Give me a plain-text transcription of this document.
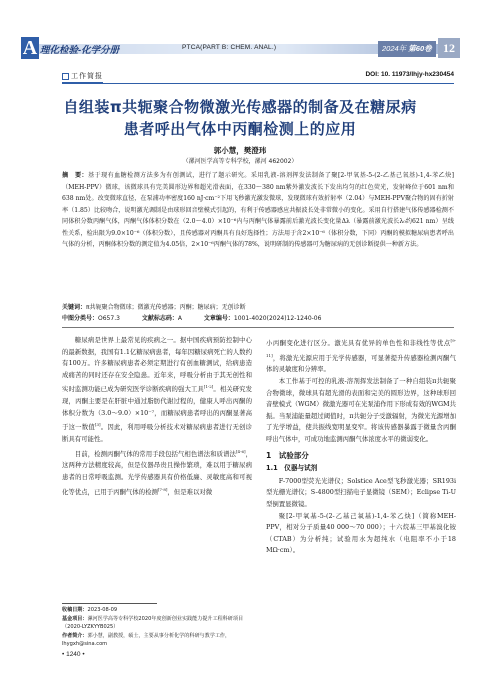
A 理化检验-化学分册	PTCA(PART B: CHEM. ANAL.)	2024年 第60卷 12
工作简报	DOI: 10. 11973/lhjy-hx230454
自组装π共轭聚合物微激光传感器的制备及在糖尿病
患者呼出气体中丙酮检测上的应用
郭小慧，樊澄玮
（漯河医学高等专科学校，漯河 462002）
摘　要：基于现有血糖检测方法多为有创测试，进行了题示研究。采用乳液-溶剂挥发法制备了聚[2-甲氧基-5-(2-乙基己氧基)-1,4-苯乙炔]（MEH-PPV）微球，该微球具有完美圆形边界和超光滑表面，在330～380 nm紫外激发波长下发出均匀的红色荧光，发射峰位于601 nm和638 nm处。改变微球直径，在泵浦功率密度160 nJ·cm⁻²下用飞秒激光激发微球，发现微球有效折射率（2.04）与MEH-PPV聚合物的固有折射率（1.85）比较吻合，说明激光调制是由球形回音壁模式引起的，有利于传感器感应共振波长处非常微小的变化。采用自行搭建气体传感器检测不同体积分数丙酮气体，丙酮气体体积分数在（2.0～4.0）×10⁻⁶内与丙酮气体暴露前后激光波长变化量Δλ（暴露前激光波长λ₀约621 nm）呈线性关系，检出限为9.0×10⁻⁶（体积分数），且传感器对丙酮具有良好选择性；方法用于含2×10⁻⁶（体积分数，下同）丙酮的模拟糖尿病患者呼出气体的分析，丙酮体积分数的测定值为4.05倍，2×10⁻⁶丙酮气体的78%，说明研制的传感器可为糖尿病的无创诊断提供一种新方法。
关键词：π共轭聚合物微球；微激光传感器；丙酮；糖尿病；无创诊断
中图分类号：O657.3	文献标志码：A	文章编号：1001-4020(2024)12-1240-06

糖尿病是世界上最常见的疾病之一。据中国疾病预防控制中心的最新数据，我国有1.1亿糖尿病患者，每年因糖尿病死亡的人数约有100万。许多糖尿病患者必须定期进行有创血糖测试，给病患造成痛苦的同时还存在安全隐患。近年来，呼吸分析由于其无创性和实时监测功能已成为研究医学诊断疾病的强大工具[1-2]。相关研究发现，丙酮主要是在肝脏中通过脂肪代谢过程的，健康人呼出丙酮的体积分数为（3.0～9.0）×10⁻⁷，而糖尿病患者呼出的丙酮显著高于这一数值[3]。因此，利用呼吸分析技术对糖尿病患者进行无创诊断具有可能性。

目前，检测丙酮气体的常用手段包括气相色谱法和质谱法[4-6]，这两种方法精度较高，但是仪器昂贵且操作繁琐，难以用于糖尿病患者的日常呼吸监测。光学传感器具有价格低廉、灵敏度高和可视化等优点，已用于丙酮气体的检测[7-8]，但是难以对微

小丙酮变化进行区分。激光具有优异的单色性和非线性等优点[9-11]，将激光光源应用于光学传感器，可显著提升传感器检测丙酮气体的灵敏度和分辨率。

本工作基于可控的乳液-溶剂挥发法制备了一种自组装π共轭聚合物微球，微球具有超光滑的表面和完美的圆形边界，这种球形回音壁模式（WGM）微激光器可在光泵浦作用下形成有效的WGM共振。当泵浦能量超过阈值时，π共轭分子受激辐射，为微光光源增加了光学增益，使共振线宽明显变窄。将该传感器暴露于微量含丙酮呼出气体中，可成功地监测丙酮气体浓度水平的微弱变化。

1　试验部分

1.1　仪器与试剂

F-7000型荧光光谱仪；Solstice Ace型飞秒激光器；SR193i型光栅光谱仪；S-4800型扫描电子显微镜（SEM）；Eclipse Ti-U型倒置显微镜。

聚[2-甲氧基-5-(2-乙基己氧基)-1,4-苯乙炔]（简称MEH-PPV，相对分子质量40 000～70 000）；十六烷基三甲基溴化铵（CTAB）为分析纯；试验用水为超纯水（电阻率不小于18 MΩ·cm）。

收稿日期：2023-08-09
基金项目：漯河医学高等专科学校2020年度创新创业实践能力提升工程科研项目（2020-LYZKYYB025）
作者简介：郭小慧，副教授，硕士，主要从事分析化学的科研与教学工作，lhygxh@sina.com
• 1240 •
